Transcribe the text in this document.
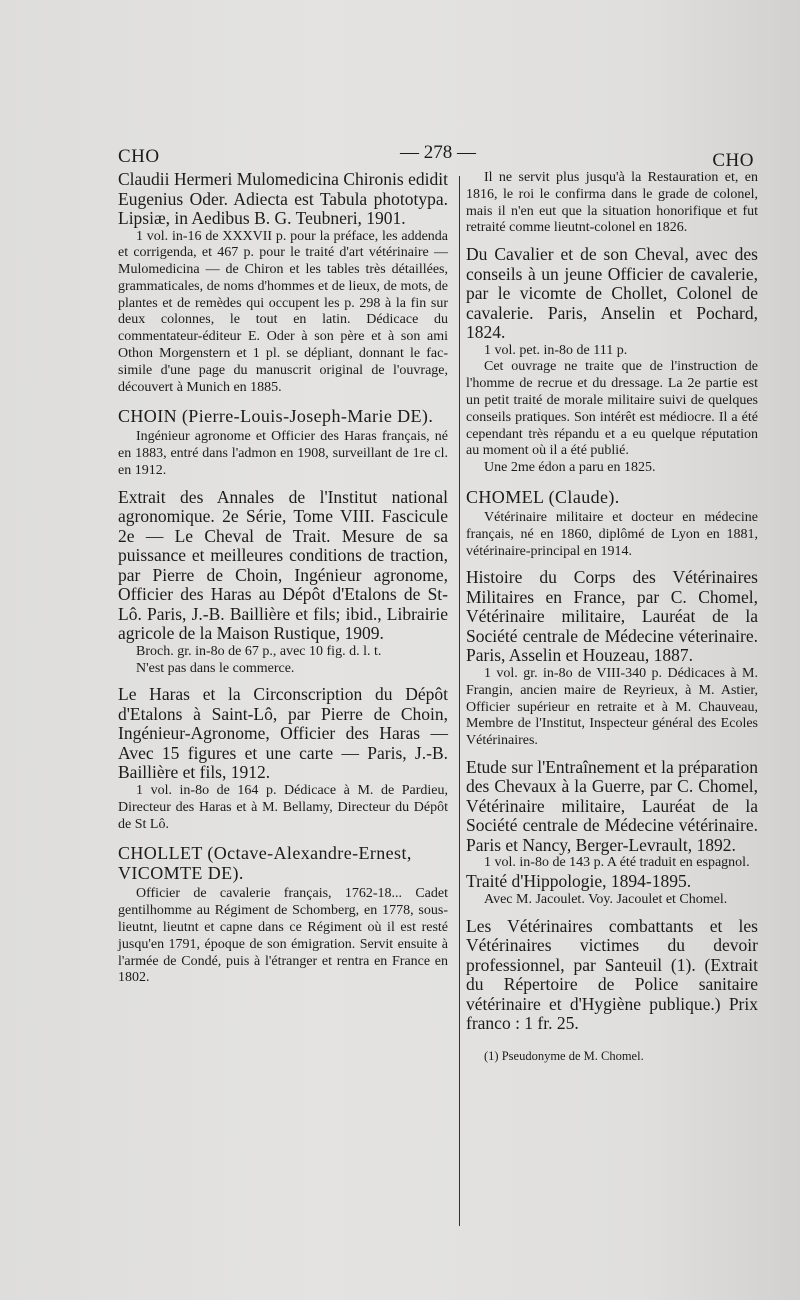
CHO	— 278 —	CHO

Claudii Hermeri Mulomedicina Chironis edidit Eugenius Oder. Adiecta est Tabula phototypa. Lipsiæ, in Aedibus B. G. Teubneri, 1901.

1 vol. in-16 de XXXVII p. pour la préface, les addenda et corrigenda, et 467 p. pour le traité d'art vétérinaire — Mulomedicina — de Chiron et les tables très détaillées, grammaticales, de noms d'hommes et de lieux, de mots, de plantes et de remèdes qui occupent les p. 298 à la fin sur deux colonnes, le tout en latin. Dédicace du commentateur-éditeur E. Oder à son père et à son ami Othon Morgenstern et 1 pl. se dépliant, donnant le fac-simile d'une page du manuscrit original de l'ouvrage, découvert à Munich en 1885.

CHOIN (Pierre-Louis-Joseph-Marie DE).

Ingénieur agronome et Officier des Haras français, né en 1883, entré dans l'admon en 1908, surveillant de 1re cl. en 1912.

Extrait des Annales de l'Institut national agronomique. 2e Série, Tome VIII. Fascicule 2e — Le Cheval de Trait. Mesure de sa puissance et meilleures conditions de traction, par Pierre de Choin, Ingénieur agronome, Officier des Haras au Dépôt d'Etalons de St-Lô. Paris, J.-B. Baillière et fils; ibid., Librairie agricole de la Maison Rustique, 1909.

Broch. gr. in-8o de 67 p., avec 10 fig. d. l. t.

N'est pas dans le commerce.

Le Haras et la Circonscription du Dépôt d'Etalons à Saint-Lô, par Pierre de Choin, Ingénieur-Agronome, Officier des Haras — Avec 15 figures et une carte — Paris, J.-B. Baillière et fils, 1912.

1 vol. in-8o de 164 p. Dédicace à M. de Pardieu, Directeur des Haras et à M. Bellamy, Directeur du Dépôt de St Lô.

CHOLLET (Octave-Alexandre-Ernest, VICOMTE DE).

Officier de cavalerie français, 1762-18... Cadet gentilhomme au Régiment de Schomberg, en 1778, sous-lieutnt, lieutnt et capne dans ce Régiment où il est resté jusqu'en 1791, époque de son émigration. Servit ensuite à l'armée de Condé, puis à l'étranger et rentra en France en 1802.

Il ne servit plus jusqu'à la Restauration et, en 1816, le roi le confirma dans le grade de colonel, mais il n'en eut que la situation honorifique et fut retraité comme lieutnt-colonel en 1826.

Du Cavalier et de son Cheval, avec des conseils à un jeune Officier de cavalerie, par le vicomte de Chollet, Colonel de cavalerie. Paris, Anselin et Pochard, 1824.

1 vol. pet. in-8o de 111 p.

Cet ouvrage ne traite que de l'instruction de l'homme de recrue et du dressage. La 2e partie est un petit traité de morale militaire suivi de quelques conseils pratiques. Son intérêt est médiocre. Il a été cependant très répandu et a eu quelque réputation au moment où il a été publié.

Une 2me édon a paru en 1825.

CHOMEL (Claude).

Vétérinaire militaire et docteur en médecine français, né en 1860, diplômé de Lyon en 1881, vétérinaire-principal en 1914.

Histoire du Corps des Vétérinaires Militaires en France, par C. Chomel, Vétérinaire militaire, Lauréat de la Société centrale de Médecine véterinaire. Paris, Asselin et Houzeau, 1887.

1 vol. gr. in-8o de VIII-340 p. Dédicaces à M. Frangin, ancien maire de Reyrieux, à M. Astier, Officier supérieur en retraite et à M. Chauveau, Membre de l'Institut, Inspecteur général des Ecoles Vétérinaires.

Etude sur l'Entraînement et la préparation des Chevaux à la Guerre, par C. Chomel, Vétérinaire militaire, Lauréat de la Société centrale de Médecine vétérinaire. Paris et Nancy, Berger-Levrault, 1892.

1 vol. in-8o de 143 p. A été traduit en espagnol.

Traité d'Hippologie, 1894-1895.

Avec M. Jacoulet. Voy. Jacoulet et Chomel.

Les Vétérinaires combattants et les Vétérinaires victimes du devoir professionnel, par Santeuil (1). (Extrait du Répertoire de Police sanitaire vétérinaire et d'Hygiène publique.) Prix franco : 1 fr. 25.

(1) Pseudonyme de M. Chomel.
